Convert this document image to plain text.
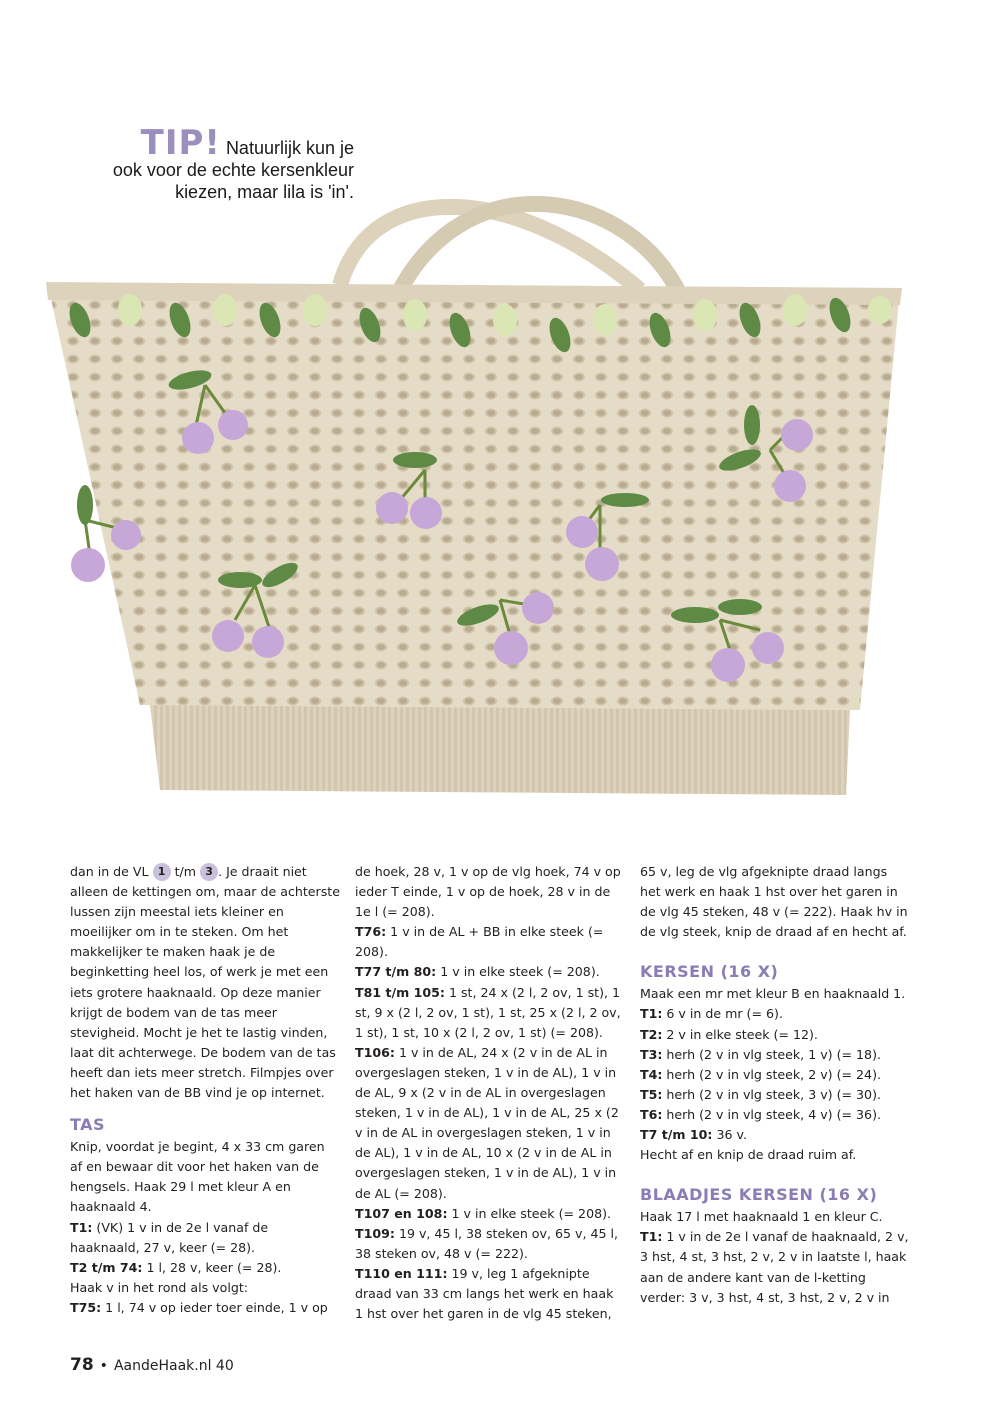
TIP! Natuurlijk kun je
ook voor de echte kersenkleur
kiezen, maar lila is 'in'.

dan in de VL 1 t/m 3 . Je draait niet alleen de kettingen om, maar de achterste lussen zijn meestal iets kleiner en moeilijker om in te steken. Om het makkelijker te maken haak je de beginketting heel los, of werk je met een iets grotere haaknaald. Op deze manier krijgt de bodem van de tas meer stevigheid. Mocht je het te lastig vinden, laat dit achterwege. De bodem van de tas heeft dan iets meer stretch. Filmpjes over het haken van de BB vind je op internet.

TAS

Knip, voordat je begint, 4 x 33 cm garen af en bewaar dit voor het haken van de hengsels. Haak 29 l met kleur A en haaknaald 4.

T1: (VK) 1 v in de 2e l vanaf de haaknaald, 27 v, keer (= 28).

T2 t/m 74: 1 l, 28 v, keer (= 28).

Haak v in het rond als volgt:

T75: 1 l, 74 v op ieder toer einde, 1 v op

de hoek, 28 v, 1 v op de vlg hoek, 74 v op ieder T einde, 1 v op de hoek, 28 v in de 1e l (= 208).

T76: 1 v in de AL + BB in elke steek (= 208).

T77 t/m 80: 1 v in elke steek (= 208).

T81 t/m 105: 1 st, 24 x (2 l, 2 ov, 1 st), 1 st, 9 x (2 l, 2 ov, 1 st), 1 st, 25 x (2 l, 2 ov, 1 st), 1 st, 10 x (2 l, 2 ov, 1 st) (= 208).

T106: 1 v in de AL, 24 x (2 v in de AL in overgeslagen steken, 1 v in de AL), 1 v in de AL, 9 x (2 v in de AL in overgeslagen steken, 1 v in de AL), 1 v in de AL, 25 x (2 v in de AL in overgeslagen steken, 1 v in de AL), 1 v in de AL, 10 x (2 v in de AL in overgeslagen steken, 1 v in de AL), 1 v in de AL (= 208).

T107 en 108: 1 v in elke steek (= 208).

T109: 19 v, 45 l, 38 steken ov, 65 v, 45 l, 38 steken ov, 48 v (= 222).

T110 en 111: 19 v, leg 1 afgeknipte draad van 33 cm langs het werk en haak 1 hst over het garen in de vlg 45 steken,

65 v, leg de vlg afgeknipte draad langs het werk en haak 1 hst over het garen in de vlg 45 steken, 48 v (= 222). Haak hv in de vlg steek, knip de draad af en hecht af.

KERSEN (16 X)

Maak een mr met kleur B en haaknaald 1.

T1: 6 v in de mr (= 6).

T2: 2 v in elke steek (= 12).

T3: herh (2 v in vlg steek, 1 v) (= 18).

T4: herh (2 v in vlg steek, 2 v) (= 24).

T5: herh (2 v in vlg steek, 3 v) (= 30).

T6: herh (2 v in vlg steek, 4 v) (= 36).

T7 t/m 10: 36 v.

Hecht af en knip de draad ruim af.

BLAADJES KERSEN (16 X)

Haak 17 l met haaknaald 1 en kleur C.

T1: 1 v in de 2e l vanaf de haaknaald, 2 v, 3 hst, 4 st, 3 hst, 2 v, 2 v in laatste l, haak aan de andere kant van de l-ketting verder: 3 v, 3 hst, 4 st, 3 hst, 2 v, 2 v in

78 • AandeHaak.nl 40
